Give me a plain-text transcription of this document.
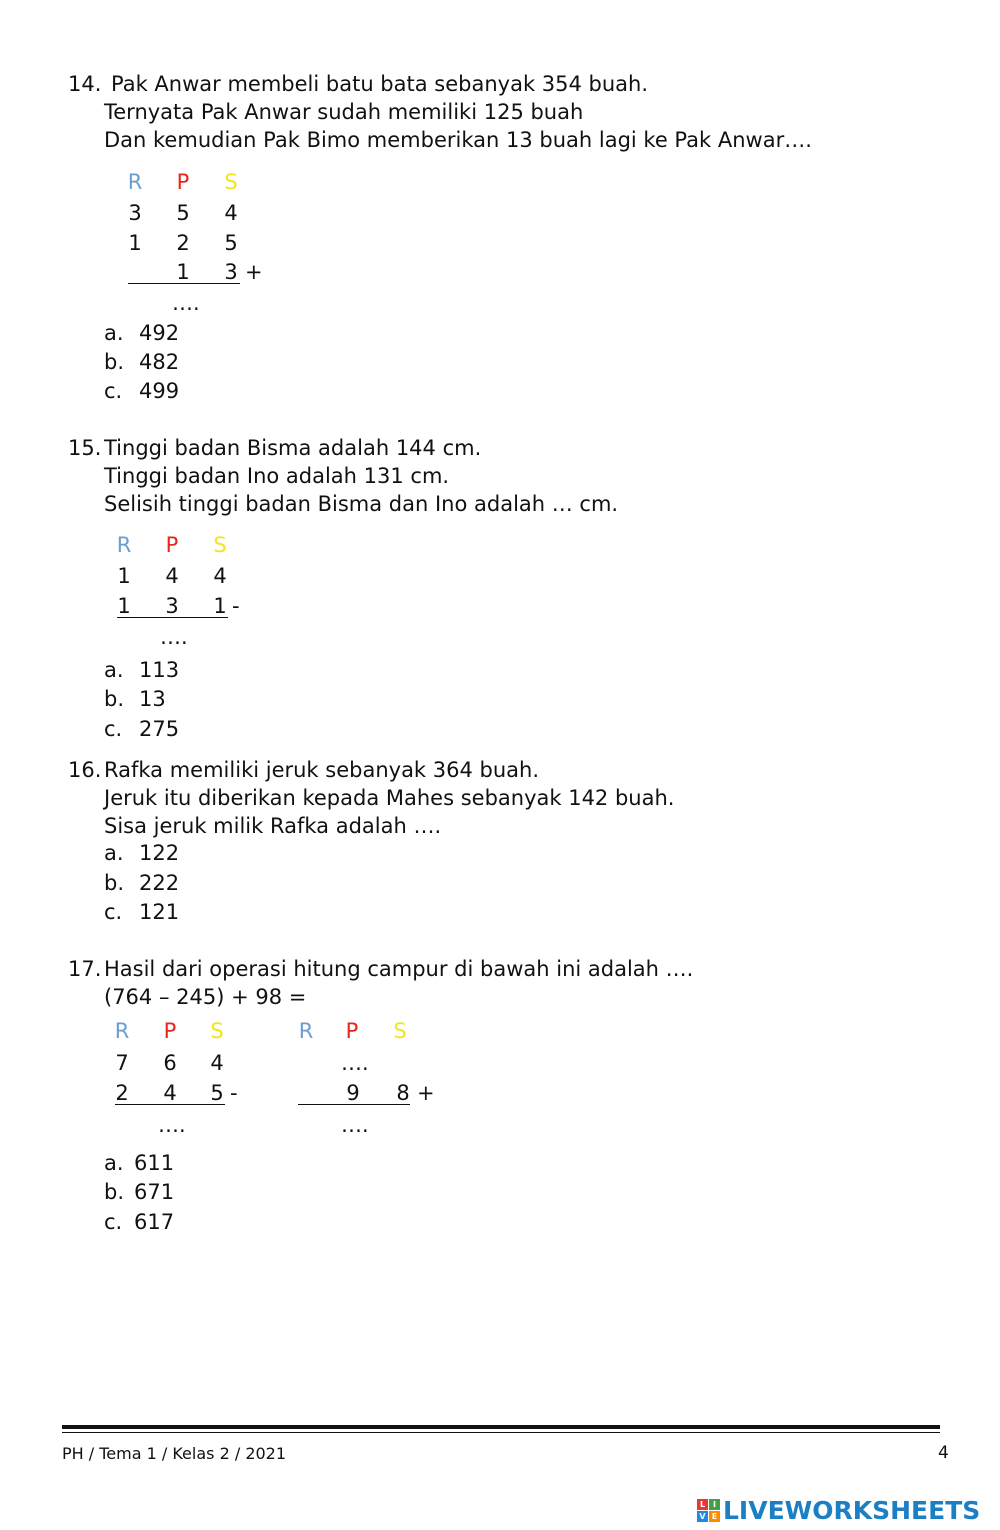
14. Pak Anwar membeli batu bata sebanyak 354 buah.
Ternyata Pak Anwar sudah memiliki 125 buah
Dan kemudian Pak Bimo memberikan 13 buah lagi ke Pak Anwar….
R P S
3 5 4
1 2 5
1 3 +
….
a. 492
b. 482
c. 499
15. Tinggi badan Bisma adalah 144 cm.
Tinggi badan Ino adalah 131 cm.
Selisih tinggi badan Bisma dan Ino adalah … cm.
R P S
1 4 4
1 3 1 -
….
a. 113
b. 13
c. 275
16. Rafka memiliki jeruk sebanyak 364 buah.
Jeruk itu diberikan kepada Mahes sebanyak 142 buah.
Sisa jeruk milik Rafka adalah ….
a. 122
b. 222
c. 121
17. Hasil dari operasi hitung campur di bawah ini adalah ….
(764 – 245) + 98 =
R P S
7 6 4
2 4 5 -
….
R P S
….
9 8 +
….
a. 611
b. 671
c. 617
PH / Tema 1 / Kelas 2 / 2021	4
L I
V E LIVEWORKSHEETS
